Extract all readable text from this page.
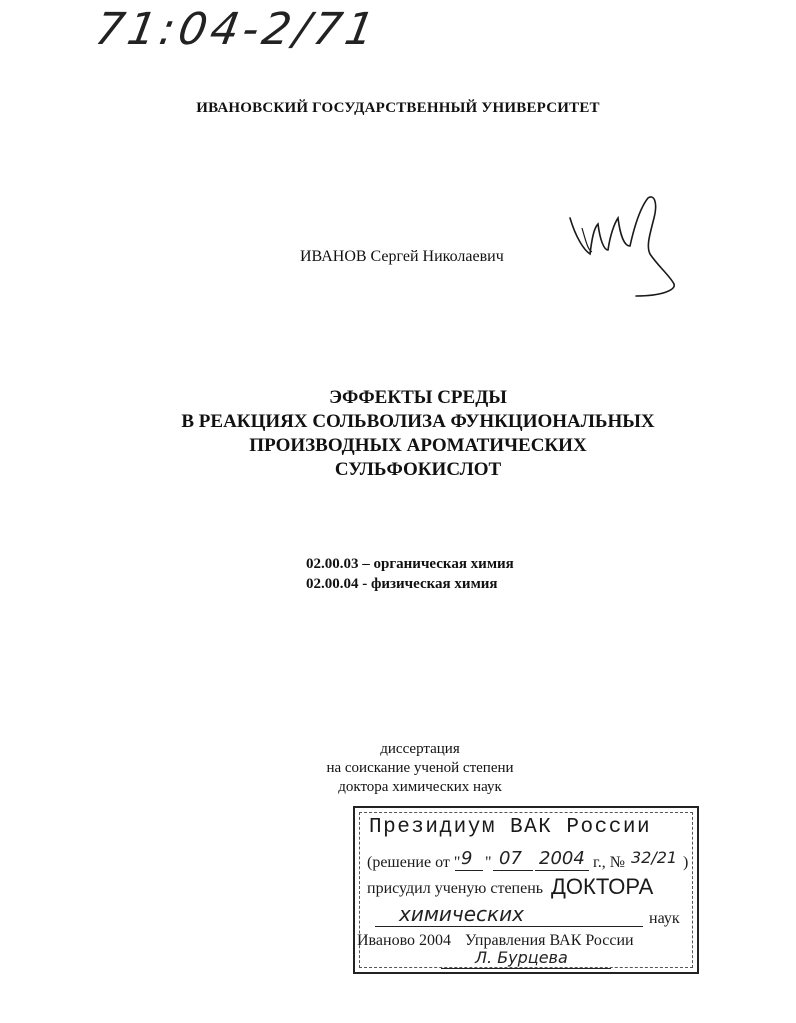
71:04-2/71
ИВАНОВСКИЙ ГОСУДАРСТВЕННЫЙ УНИВЕРСИТЕТ
ИВАНОВ Сергей Николаевич
ЭФФЕКТЫ СРЕДЫ
В РЕАКЦИЯХ СОЛЬВОЛИЗА ФУНКЦИОНАЛЬНЫХ
ПРОИЗВОДНЫХ АРОМАТИЧЕСКИХ
СУЛЬФОКИСЛОТ
02.00.03 – органическая химия
02.00.04 - физическая химия
диссертация
на соискание ученой степени
доктора химических наук
Президиум ВАК России
(решение от " 9 " 07 2004 г., № 32/21 )
присудил ученую степень ДОКТОРА
химических	наук
Иваново 2004 Управления ВАК России
Л. Бурцева
